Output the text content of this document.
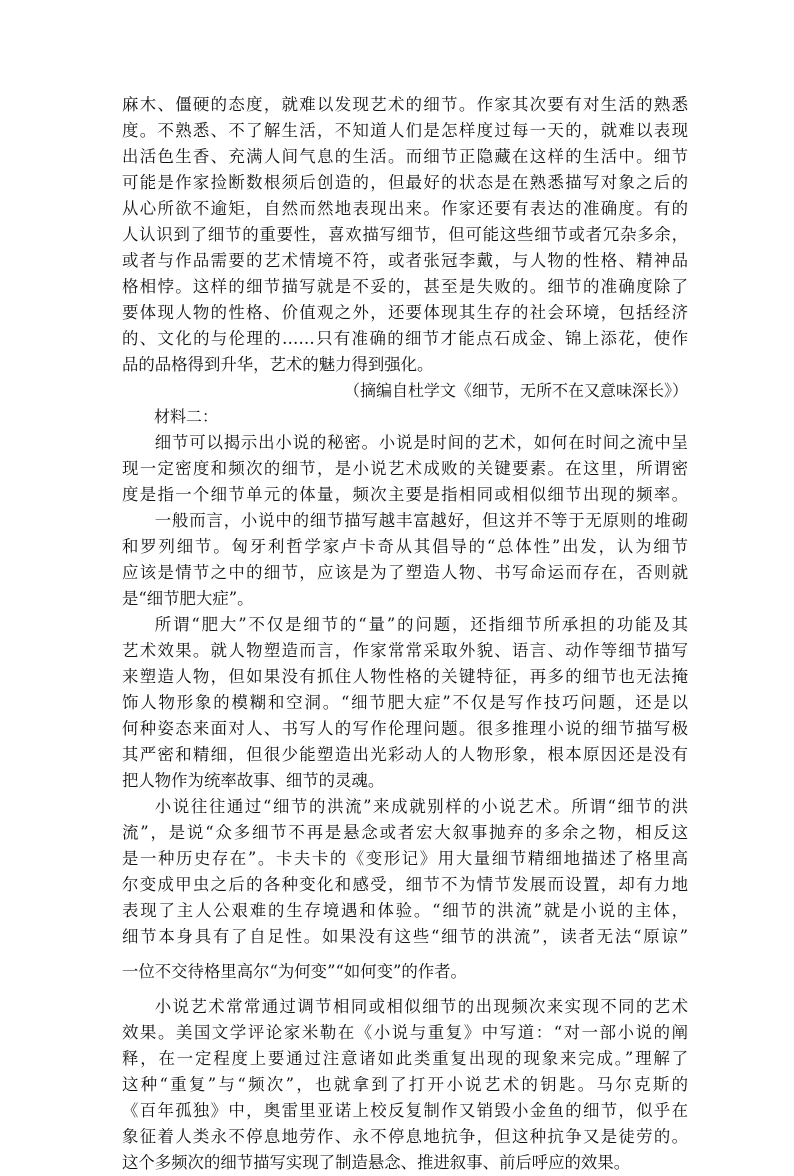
麻木、僵硬的态度，就难以发现艺术的细节。作家其次要有对生活的熟悉
度。不熟悉、不了解生活，不知道人们是怎样度过每一天的，就难以表现
出活色生香、充满人间气息的生活。而细节正隐藏在这样的生活中。细节
可能是作家捡断数根须后创造的，但最好的状态是在熟悉描写对象之后的
从心所欲不逾矩，自然而然地表现出来。作家还要有表达的准确度。有的
人认识到了细节的重要性，喜欢描写细节，但可能这些细节或者冗杂多余，
或者与作品需要的艺术情境不符，或者张冠李戴，与人物的性格、精神品
格相悖。这样的细节描写就是不妥的，甚至是失败的。细节的准确度除了
要体现人物的性格、价值观之外，还要体现其生存的社会环境，包括经济
的、文化的与伦理的……只有准确的细节才能点石成金、锦上添花，使作
品的品格得到升华，艺术的魅力得到强化。

（摘编自杜学文《细节，无所不在又意味深长》）

材料二：

细节可以揭示出小说的秘密。小说是时间的艺术，如何在时间之流中呈
现一定密度和频次的细节，是小说艺术成败的关键要素。在这里，所谓密
度是指一个细节单元的体量，频次主要是指相同或相似细节出现的频率。
一般而言，小说中的细节描写越丰富越好，但这并不等于无原则的堆砌
和罗列细节。匈牙利哲学家卢卡奇从其倡导的“总体性”出发，认为细节
应该是情节之中的细节，应该是为了塑造人物、书写命运而存在，否则就
是“细节肥大症”。
所谓“肥大”不仅是细节的“量”的问题，还指细节所承担的功能及其
艺术效果。就人物塑造而言，作家常常采取外貌、语言、动作等细节描写
来塑造人物，但如果没有抓住人物性格的关键特征，再多的细节也无法掩
饰人物形象的模糊和空洞。“细节肥大症”不仅是写作技巧问题，还是以
何种姿态来面对人、书写人的写作伦理问题。很多推理小说的细节描写极
其严密和精细，但很少能塑造出光彩动人的人物形象，根本原因还是没有
把人物作为统率故事、细节的灵魂。
小说往往通过“细节的洪流”来成就别样的小说艺术。所谓“细节的洪
流”，是说“众多细节不再是悬念或者宏大叙事抛弃的多余之物，相反这
是一种历史存在”。卡夫卡的《变形记》用大量细节精细地描述了格里高
尔变成甲虫之后的各种变化和感受，细节不为情节发展而设置，却有力地
表现了主人公艰难的生存境遇和体验。“细节的洪流”就是小说的主体，
细节本身具有了自足性。如果没有这些“细节的洪流”，读者无法“原谅”
一位不交待格里高尔“为何变”“如何变”的作者。
小说艺术常常通过调节相同或相似细节的出现频次来实现不同的艺术
效果。美国文学评论家米勒在《小说与重复》中写道：“对一部小说的阐
释，在一定程度上要通过注意诸如此类重复出现的现象来完成。”理解了
这种“重复”与“频次”，也就拿到了打开小说艺术的钥匙。马尔克斯的
《百年孤独》中，奥雷里亚诺上校反复制作又销毁小金鱼的细节，似乎在
象征着人类永不停息地劳作、永不停息地抗争，但这种抗争又是徒劳的。
这个多频次的细节描写实现了制造悬念、推进叙事、前后呼应的效果。
